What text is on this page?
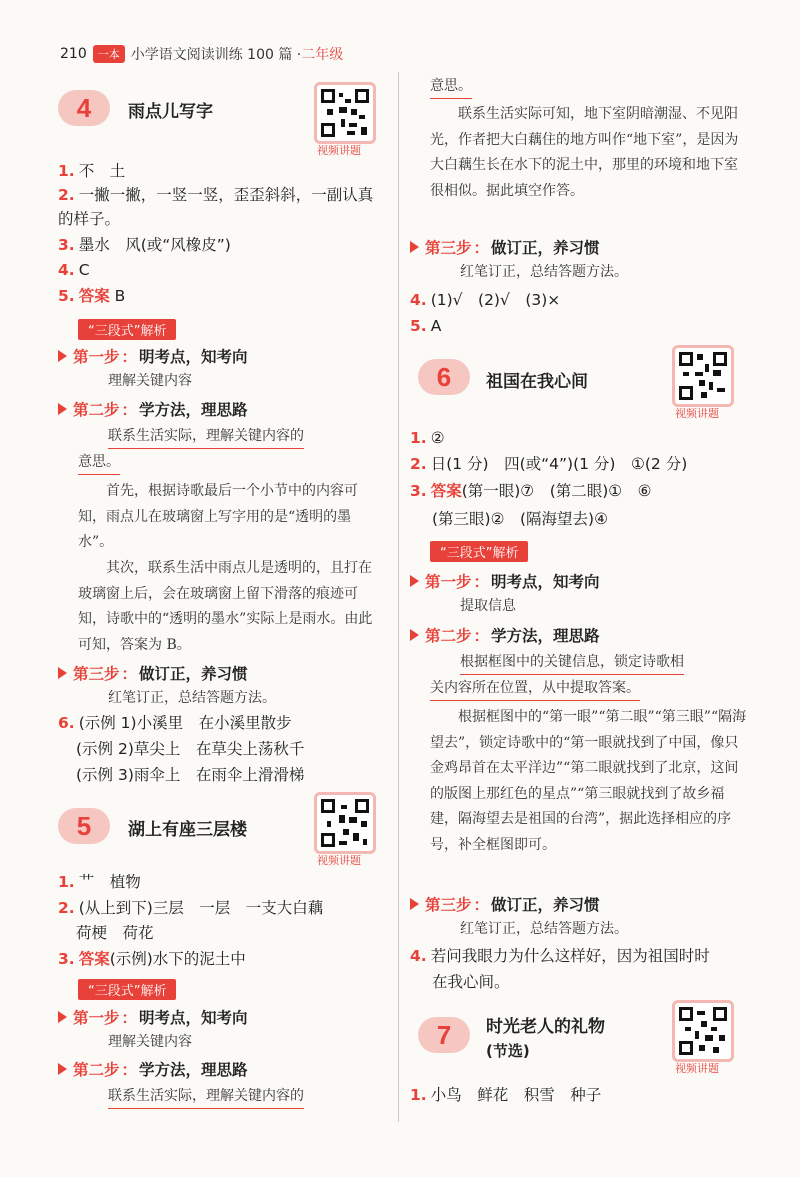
210	一本 小学语文阅读训练 100 篇 · 二年级
4 雨点儿写字
视频讲题
1. 不　土
2. 一撇一撇，一竖一竖，歪歪斜斜，一副认真
的样子。
3. 墨水　风(或“风橡皮”)
4. C
5. 答案 B
“三段式”解析
第一步 ： 明考点，知考向
理解关键内容
第二步 ： 学方法，理思路
联系生活实际，理解关键内容的
意思。
首先，根据诗歌最后一个小节中的内容可知，雨点儿在玻璃窗上写字用的是“透明的墨水”。
其次，联系生活中雨点儿是透明的，且打在玻璃窗上后，会在玻璃窗上留下滑落的痕迹可知，诗歌中的“透明的墨水”实际上是雨水。由此可知，答案为 B。
第三步 ： 做订正，养习惯
红笔订正，总结答题方法。
6. (示例 1)小溪里　在小溪里散步
(示例 2)草尖上　在草尖上荡秋千
(示例 3)雨伞上　在雨伞上滑滑梯
5 湖上有座三层楼
视频讲题
1. 艹　植物
2. (从上到下)三层　一层　一支大白藕
荷梗　荷花
3. 答案(示例)水下的泥土中
“三段式”解析
第一步 ： 明考点，知考向
理解关键内容
第二步 ： 学方法，理思路
联系生活实际，理解关键内容的
意思。
联系生活实际可知，地下室阴暗潮湿、不见阳光，作者把大白藕住的地方叫作“地下室”，是因为大白藕生长在水下的泥土中，那里的环境和地下室很相似。据此填空作答。
第三步 ： 做订正，养习惯
红笔订正，总结答题方法。
4. (1)√　(2)√　(3)×
5. A
6 祖国在我心间
视频讲题
1. ②
2. 日(1 分)　四(或“4”)(1 分)　①(2 分)
3. 答案(第一眼)⑦　(第二眼)①　⑥
(第三眼)②　(隔海望去)④
“三段式”解析
第一步 ： 明考点，知考向
提取信息
第二步 ： 学方法，理思路
根据框图中的关键信息，锁定诗歌相
关内容所在位置，从中提取答案。
根据框图中的“第一眼”“第二眼”“第三眼”“隔海望去”，锁定诗歌中的“第一眼就找到了中国，像只金鸡昂首在太平洋边”“第二眼就找到了北京，这间的版图上那红色的星点”“第三眼就找到了故乡福建，隔海望去是祖国的台湾”，据此选择相应的序号，补全框图即可。
第三步 ： 做订正，养习惯
红笔订正，总结答题方法。
4. 若问我眼力为什么这样好，因为祖国时时
在我心间。
7 时光老人的礼物
(节选)
视频讲题
1. 小鸟　鲜花　积雪　种子
